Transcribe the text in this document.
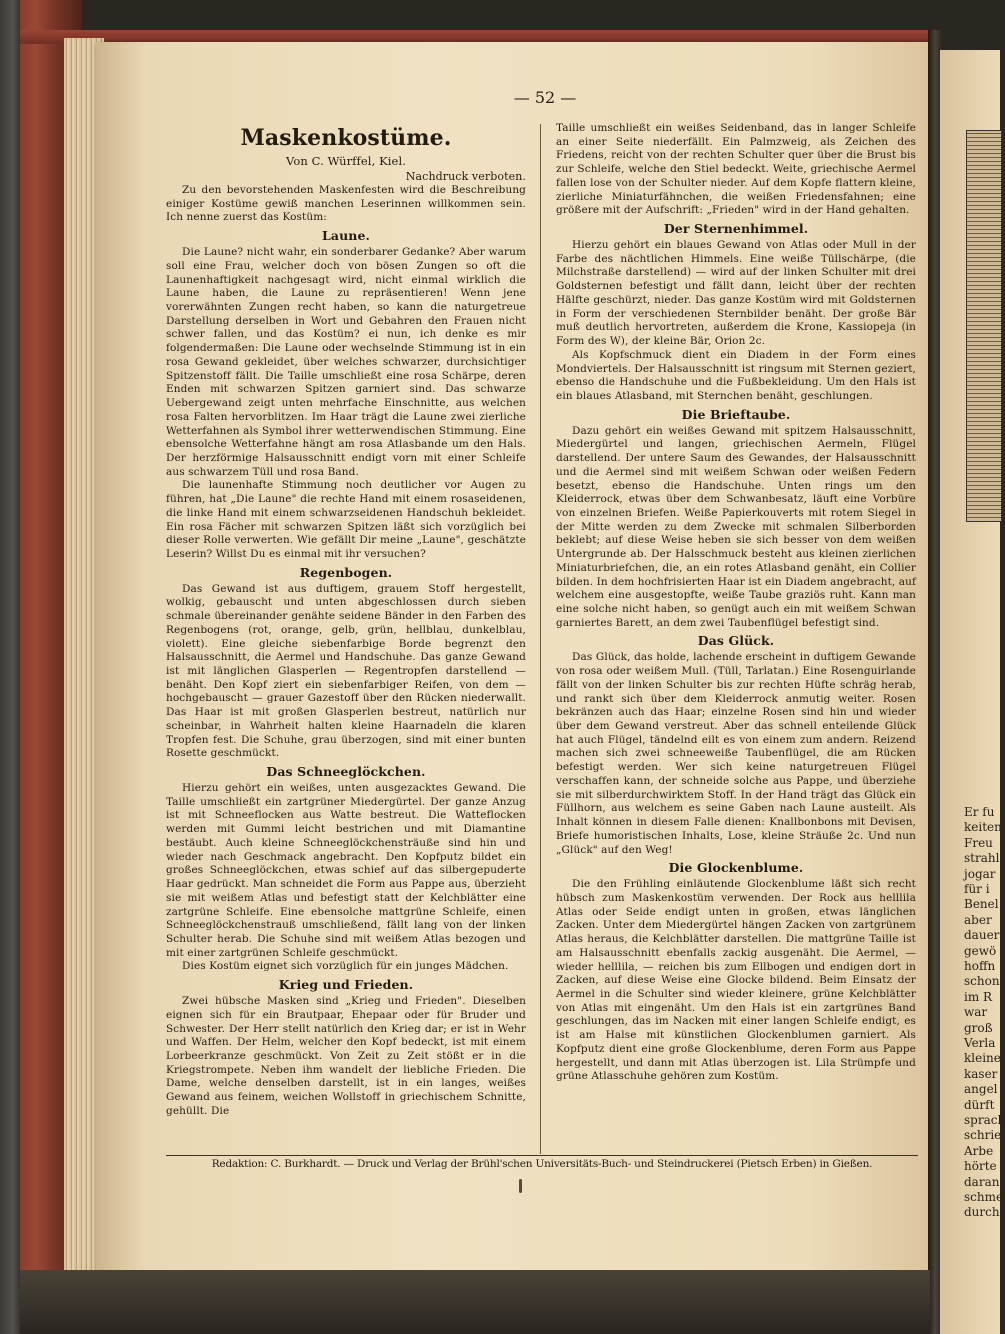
Er fu
keiten
Freu
strahl
jogar
für i
Benel
aber
dauer
gewö
hoffn
schon
im R
war
groß
Verla
kleine
kaser
angel
dürft
sprach
schrie
Arbe
hörte
daran
schme
durch
— 52 —
Maskenkostüme.

Von C. Würffel, Kiel.

Nachdruck verboten.

Zu den bevorstehenden Maskenfesten wird die Beschreibung einiger Kostüme gewiß manchen Leserinnen willkommen sein. Ich nenne zuerst das Kostüm:

Laune.

Die Laune? nicht wahr, ein sonderbarer Gedanke? Aber warum soll eine Frau, welcher doch von bösen Zungen so oft die Launenhaftigkeit nachgesagt wird, nicht einmal wirklich die Laune haben, die Laune zu repräsentieren! Wenn jene vorerwähnten Zungen recht haben, so kann die naturgetreue Darstellung derselben in Wort und Gebahren den Frauen nicht schwer fallen, und das Kostüm? ei nun, ich denke es mir folgendermaßen: Die Laune oder wechselnde Stimmung ist in ein rosa Gewand gekleidet, über welches schwarzer, durchsichtiger Spitzenstoff fällt. Die Taille umschließt eine rosa Schärpe, deren Enden mit schwarzen Spitzen garniert sind. Das schwarze Uebergewand zeigt unten mehrfache Einschnitte, aus welchen rosa Falten hervorblitzen. Im Haar trägt die Laune zwei zierliche Wetterfahnen als Symbol ihrer wetterwendischen Stimmung. Eine ebensolche Wetterfahne hängt am rosa Atlasbande um den Hals. Der herzförmige Halsausschnitt endigt vorn mit einer Schleife aus schwarzem Tüll und rosa Band.

Die launenhafte Stimmung noch deutlicher vor Augen zu führen, hat „Die Laune" die rechte Hand mit einem rosaseidenen, die linke Hand mit einem schwarzseidenen Handschuh bekleidet. Ein rosa Fächer mit schwarzen Spitzen läßt sich vorzüglich bei dieser Rolle verwerten. Wie gefällt Dir meine „Laune", geschätzte Leserin? Willst Du es einmal mit ihr versuchen?

Regenbogen.

Das Gewand ist aus duftigem, grauem Stoff hergestellt, wolkig, gebauscht und unten abgeschlossen durch sieben schmale übereinander genähte seidene Bänder in den Farben des Regenbogens (rot, orange, gelb, grün, hellblau, dunkelblau, violett). Eine gleiche siebenfarbige Borde begrenzt den Halsausschnitt, die Aermel und Handschuhe. Das ganze Gewand ist mit länglichen Glasperlen — Regentropfen darstellend — benäht. Den Kopf ziert ein siebenfarbiger Reifen, von dem — hochgebauscht — grauer Gazestoff über den Rücken niederwallt. Das Haar ist mit großen Glasperlen bestreut, natürlich nur scheinbar, in Wahrheit halten kleine Haarnadeln die klaren Tropfen fest. Die Schuhe, grau überzogen, sind mit einer bunten Rosette geschmückt.

Das Schneeglöckchen.

Hierzu gehört ein weißes, unten ausgezacktes Gewand. Die Taille umschließt ein zartgrüner Miedergürtel. Der ganze Anzug ist mit Schneeflocken aus Watte bestreut. Die Watteflocken werden mit Gummi leicht bestrichen und mit Diamantine bestäubt. Auch kleine Schneeglöckchensträuße sind hin und wieder nach Geschmack angebracht. Den Kopfputz bildet ein großes Schneeglöckchen, etwas schief auf das silbergepuderte Haar gedrückt. Man schneidet die Form aus Pappe aus, überzieht sie mit weißem Atlas und befestigt statt der Kelchblätter eine zartgrüne Schleife. Eine ebensolche mattgrüne Schleife, einen Schneeglöckchenstrauß umschließend, fällt lang von der linken Schulter herab. Die Schuhe sind mit weißem Atlas bezogen und mit einer zartgrünen Schleife geschmückt.

Dies Kostüm eignet sich vorzüglich für ein junges Mädchen.

Krieg und Frieden.

Zwei hübsche Masken sind „Krieg und Frieden". Dieselben eignen sich für ein Brautpaar, Ehepaar oder für Bruder und Schwester. Der Herr stellt natürlich den Krieg dar; er ist in Wehr und Waffen. Der Helm, welcher den Kopf bedeckt, ist mit einem Lorbeerkranze geschmückt. Von Zeit zu Zeit stößt er in die Kriegstrompete. Neben ihm wandelt der liebliche Frieden. Die Dame, welche denselben darstellt, ist in ein langes, weißes Gewand aus feinem, weichen Wollstoff in griechischem Schnitte, gehüllt. Die

Taille umschließt ein weißes Seidenband, das in langer Schleife an einer Seite niederfällt. Ein Palmzweig, als Zeichen des Friedens, reicht von der rechten Schulter quer über die Brust bis zur Schleife, welche den Stiel bedeckt. Weite, griechische Aermel fallen lose von der Schulter nieder. Auf dem Kopfe flattern kleine, zierliche Miniaturfähnchen, die weißen Friedensfahnen; eine größere mit der Aufschrift: „Frieden" wird in der Hand gehalten.

Der Sternenhimmel.

Hierzu gehört ein blaues Gewand von Atlas oder Mull in der Farbe des nächtlichen Himmels. Eine weiße Tüllschärpe, (die Milchstraße darstellend) — wird auf der linken Schulter mit drei Goldsternen befestigt und fällt dann, leicht über der rechten Hälfte geschürzt, nieder. Das ganze Kostüm wird mit Goldsternen in Form der verschiedenen Sternbilder benäht. Der große Bär muß deutlich hervortreten, außerdem die Krone, Kassiopeja (in Form des W), der kleine Bär, Orion 2c.

Als Kopfschmuck dient ein Diadem in der Form eines Mondviertels. Der Halsausschnitt ist ringsum mit Sternen geziert, ebenso die Handschuhe und die Fußbekleidung. Um den Hals ist ein blaues Atlasband, mit Sternchen benäht, geschlungen.

Die Brieftaube.

Dazu gehört ein weißes Gewand mit spitzem Halsausschnitt, Miedergürtel und langen, griechischen Aermeln, Flügel darstellend. Der untere Saum des Gewandes, der Halsausschnitt und die Aermel sind mit weißem Schwan oder weißen Federn besetzt, ebenso die Handschuhe. Unten rings um den Kleiderrock, etwas über dem Schwanbesatz, läuft eine Vorbüre von einzelnen Briefen. Weiße Papierkouverts mit rotem Siegel in der Mitte werden zu dem Zwecke mit schmalen Silberborden beklebt; auf diese Weise heben sie sich besser von dem weißen Untergrunde ab. Der Halsschmuck besteht aus kleinen zierlichen Miniaturbriefchen, die, an ein rotes Atlasband genäht, ein Collier bilden. In dem hochfrisierten Haar ist ein Diadem angebracht, auf welchem eine ausgestopfte, weiße Taube graziös ruht. Kann man eine solche nicht haben, so genügt auch ein mit weißem Schwan garniertes Barett, an dem zwei Taubenflügel befestigt sind.

Das Glück.

Das Glück, das holde, lachende erscheint in duftigem Gewande von rosa oder weißem Mull. (Tüll, Tarlatan.) Eine Rosenguirlande fällt von der linken Schulter bis zur rechten Hüfte schräg herab, und rankt sich über dem Kleiderrock anmutig weiter. Rosen bekränzen auch das Haar; einzelne Rosen sind hin und wieder über dem Gewand verstreut. Aber das schnell enteilende Glück hat auch Flügel, tändelnd eilt es von einem zum andern. Reizend machen sich zwei schneeweiße Taubenflügel, die am Rücken befestigt werden. Wer sich keine naturgetreuen Flügel verschaffen kann, der schneide solche aus Pappe, und überziehe sie mit silberdurchwirktem Stoff. In der Hand trägt das Glück ein Füllhorn, aus welchem es seine Gaben nach Laune austeilt. Als Inhalt können in diesem Falle dienen: Knallbonbons mit Devisen, Briefe humoristischen Inhalts, Lose, kleine Sträuße 2c. Und nun „Glück" auf den Weg!

Die Glockenblume.

Die den Frühling einläutende Glockenblume läßt sich recht hübsch zum Maskenkostüm verwenden. Der Rock aus helllila Atlas oder Seide endigt unten in großen, etwas länglichen Zacken. Unter dem Miedergürtel hängen Zacken von zartgrünem Atlas heraus, die Kelchblätter darstellen. Die mattgrüne Taille ist am Halsausschnitt ebenfalls zackig ausgenäht. Die Aermel, — wieder helllila, — reichen bis zum Ellbogen und endigen dort in Zacken, auf diese Weise eine Glocke bildend. Beim Einsatz der Aermel in die Schulter sind wieder kleinere, grüne Kelchblätter von Atlas mit eingenäht. Um den Hals ist ein zartgrünes Band geschlungen, das im Nacken mit einer langen Schleife endigt, es ist am Halse mit künstlichen Glockenblumen garniert. Als Kopfputz dient eine große Glockenblume, deren Form aus Pappe hergestellt, und dann mit Atlas überzogen ist. Lila Strümpfe und grüne Atlasschuhe gehören zum Kostüm.

Redaktion: C. Burkhardt. — Druck und Verlag der Brühl'schen Universitäts-Buch- und Steindruckerei (Pietsch Erben) in Gießen.
